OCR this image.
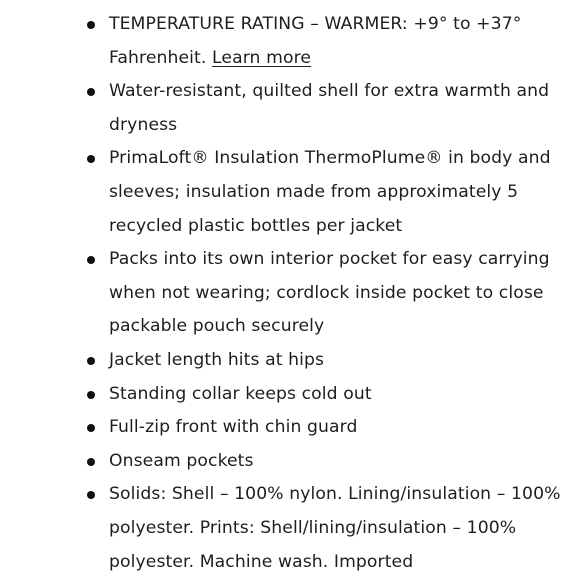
TEMPERATURE RATING – WARMER: +9° to +37° Fahrenheit. Learn more
Water-resistant, quilted shell for extra warmth and dryness
PrimaLoft® Insulation ThermoPlume® in body and sleeves; insulation made from approximately 5 recycled plastic bottles per jacket
Packs into its own interior pocket for easy carrying when not wearing; cordlock inside pocket to close packable pouch securely
Jacket length hits at hips
Standing collar keeps cold out
Full-zip front with chin guard
Onseam pockets
Solids: Shell – 100% nylon. Lining/insulation – 100% polyester. Prints: Shell/lining/insulation – 100% polyester. Machine wash. Imported
